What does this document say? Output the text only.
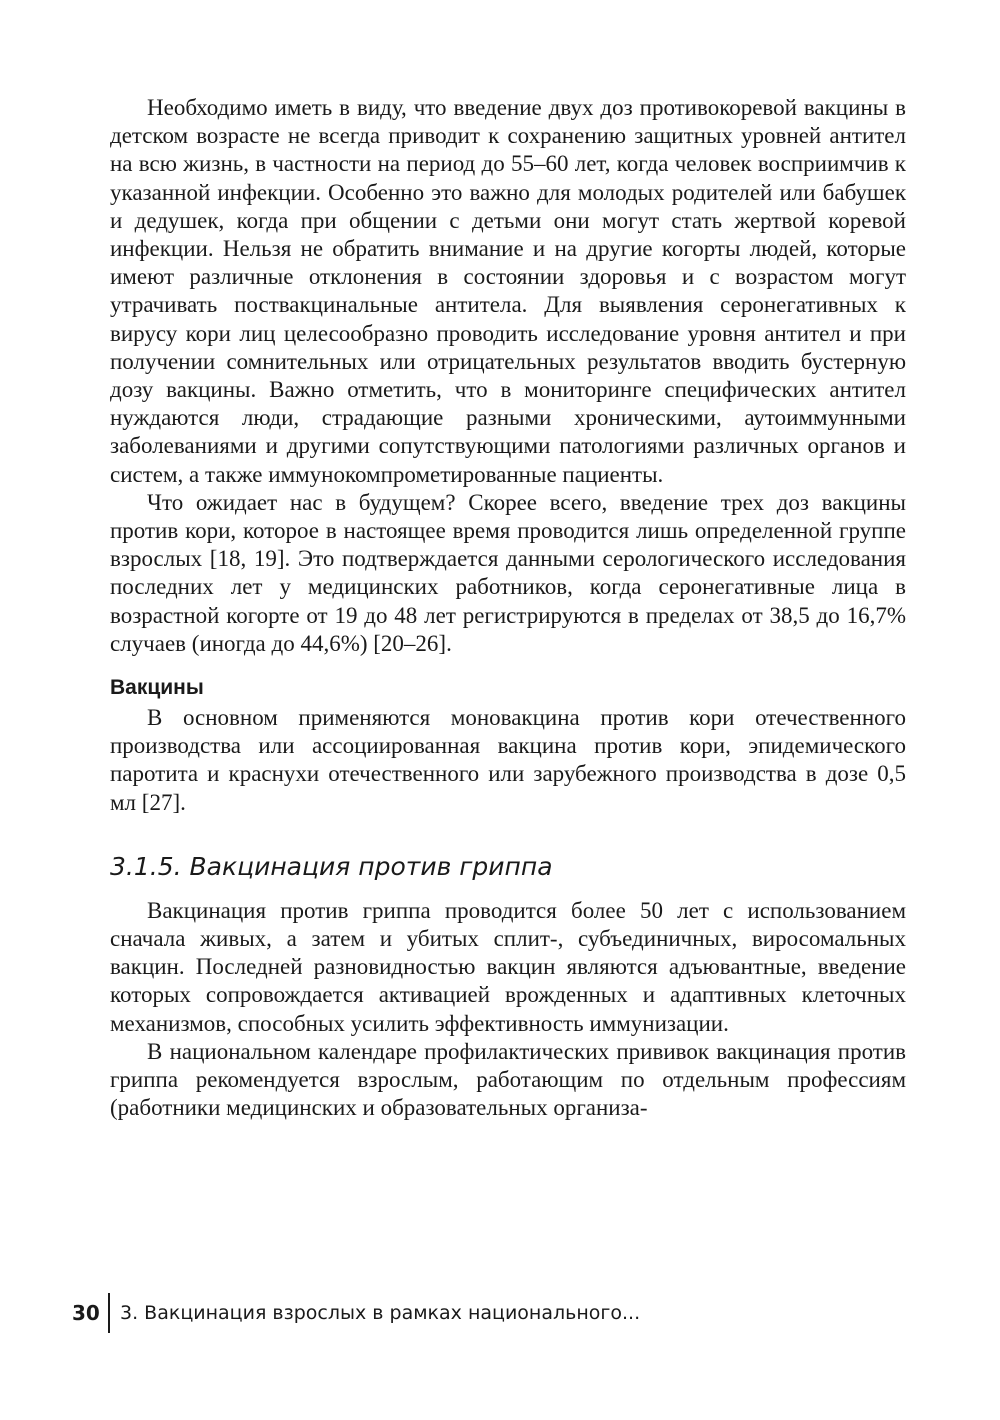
Необходимо иметь в виду, что введение двух доз противокоревой вакцины в детском возрасте не всегда приводит к сохранению защитных уровней антител на всю жизнь, в частности на период до 55–60 лет, когда человек восприимчив к указанной инфекции. Особенно это важно для молодых родителей или бабушек и дедушек, когда при общении с детьми они могут стать жертвой коревой инфекции. Нельзя не обратить внимание и на другие когорты людей, которые имеют различные отклонения в состоянии здоровья и с возрастом могут утрачивать поствакцинальные антитела. Для выявления серонегативных к вирусу кори лиц целесообразно проводить исследование уровня антител и при получении сомнительных или отрицательных результатов вводить бустерную дозу вакцины. Важно отметить, что в мониторинге специфических антител нуждаются люди, страдающие разными хроническими, аутоиммунными заболеваниями и другими сопутствующими патологиями различных органов и систем, а также иммунокомпрометированные пациенты.

Что ожидает нас в будущем? Скорее всего, введение трех доз вакцины против кори, которое в настоящее время проводится лишь определенной группе взрослых [18, 19]. Это подтверждается данными серологического исследования последних лет у медицинских работников, когда серонегативные лица в возрастной когорте от 19 до 48 лет регистрируются в пределах от 38,5 до 16,7% случаев (иногда до 44,6%) [20–26].

Вакцины

В основном применяются моновакцина против кори отечественного производства или ассоциированная вакцина против кори, эпидемического паротита и краснухи отечественного или зарубежного производства в дозе 0,5 мл [27].

3.1.5. Вакцинация против гриппа

Вакцинация против гриппа проводится более 50 лет с использованием сначала живых, а затем и убитых сплит-, субъединичных, виросомальных вакцин. Последней разновидностью вакцин являются адъювантные, введение которых сопровождается активацией врожденных и адаптивных клеточных механизмов, способных усилить эффективность иммунизации.

В национальном календаре профилактических прививок вакцинация против гриппа рекомендуется взрослым, работающим по отдельным профессиям (работники медицинских и образовательных организа-

30	3. Вакцинация взрослых в рамках национального...
